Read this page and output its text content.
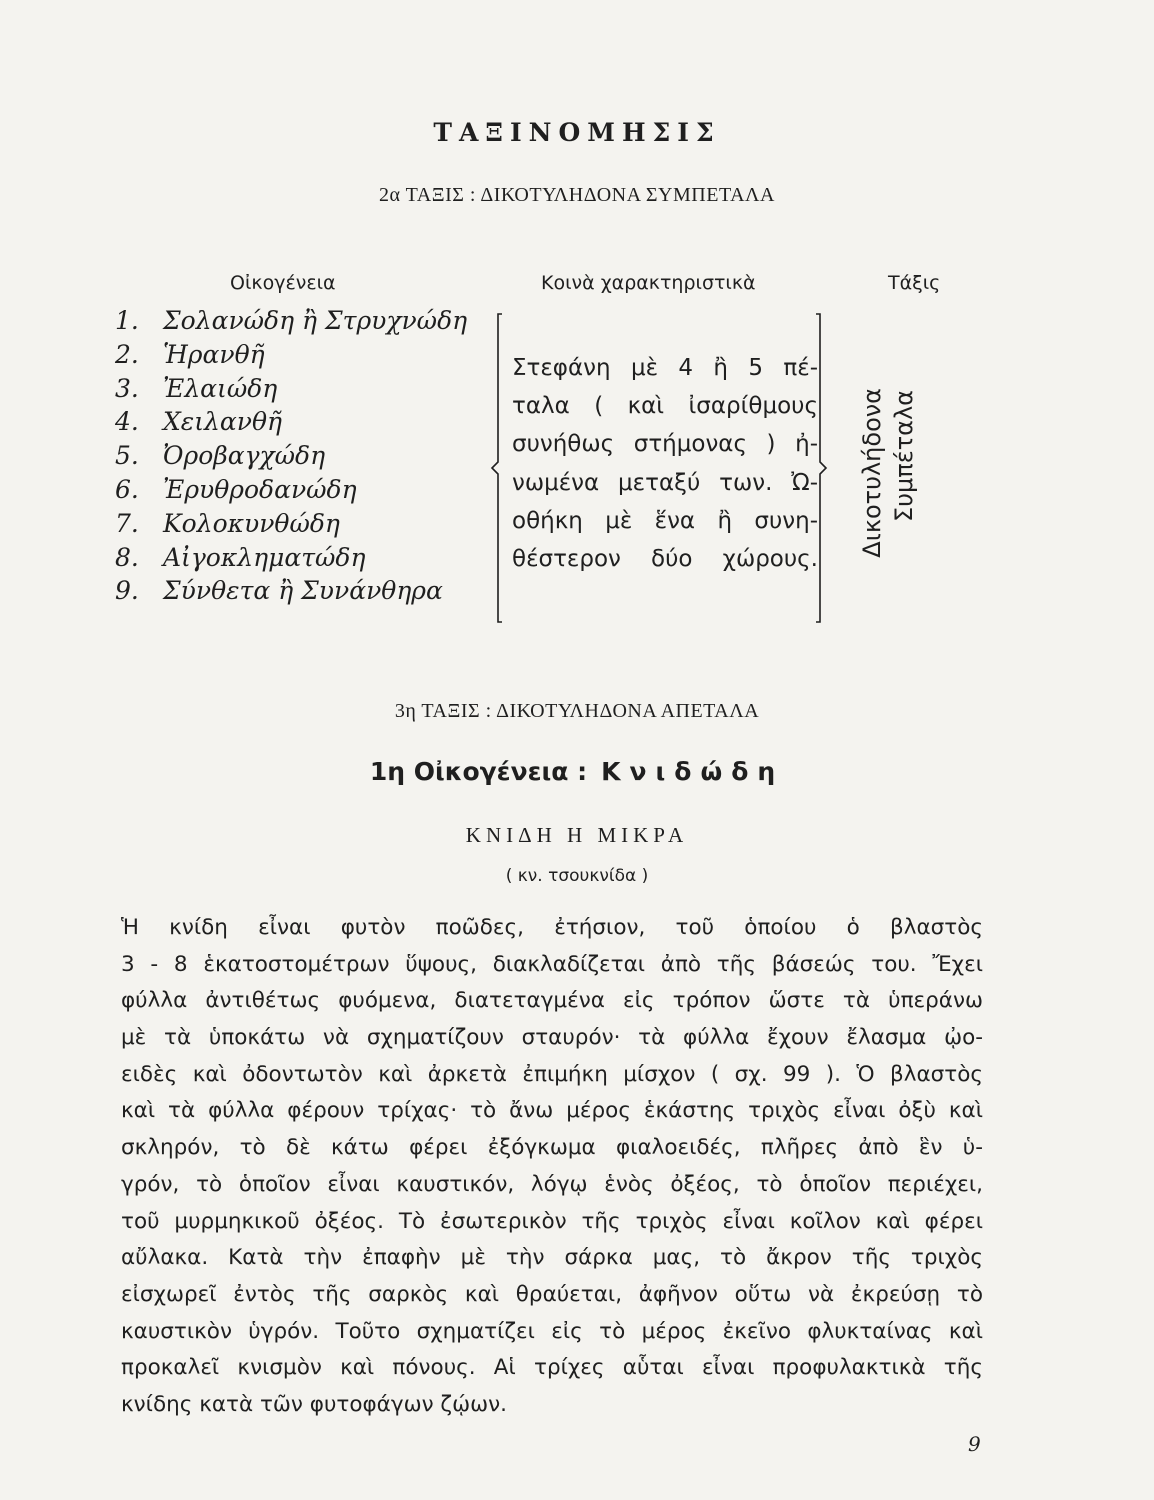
ΤΑΞΙΝΟΜΗΣΙΣ
2α ΤΑΞΙΣ : ΔΙΚΟΤΥΛΗΔΟΝΑ ΣΥΜΠΕΤΑΛΑ
Οἰκογένεια	Κοινὰ χαρακτηριστικὰ	Τάξις
1. Σολανώδη ἢ Στρυχνώδη
2. Ἡρανθῆ
3. Ἐλαιώδη
4. Χειλανθῆ
5. Ὀροβαγχώδη
6. Ἐρυθροδανώδη
7. Κολοκυνθώδη
8. Αἰγοκληματώδη
9. Σύνθετα ἢ Συνάνθηρα
Στεφάνη μὲ 4 ἢ 5 πέ-
ταλα ( καὶ ἰσαρίθμους
συνήθως στήμονας ) ἠ-
νωμένα μεταξύ των. Ὠ-
οθήκη μὲ ἕνα ἢ συνη-
θέστερον δύο χώρους.
Δικοτυλήδονα Συμπέταλα
3η ΤΑΞΙΣ : ΔΙΚΟΤΥΛΗΔΟΝΑ ΑΠΕΤΑΛΑ
1η Οἰκογένεια : Κνιδώδη
ΚΝΙΔΗ Η ΜΙΚΡΑ
( κν. τσουκνίδα )
Ἡ κνίδη εἶναι φυτὸν ποῶδες, ἐτήσιον, τοῦ ὁποίου ὁ βλαστὸς
3 - 8 ἑκατοστομέτρων ὕψους, διακλαδίζεται ἀπὸ τῆς βάσεώς του. Ἔχει
φύλλα ἀντιθέτως φυόμενα, διατεταγμένα εἰς τρόπον ὥστε τὰ ὑπεράνω
μὲ τὰ ὑποκάτω νὰ σχηματίζουν σταυρόν· τὰ φύλλα ἔχουν ἔλασμα ᾠο-
ειδὲς καὶ ὀδοντωτὸν καὶ ἀρκετὰ ἐπιμήκη μίσχον ( σχ. 99 ). Ὁ βλαστὸς
καὶ τὰ φύλλα φέρουν τρίχας· τὸ ἄνω μέρος ἑκάστης τριχὸς εἶναι ὀξὺ καὶ
σκληρόν, τὸ δὲ κάτω φέρει ἐξόγκωμα φιαλοειδές, πλῆρες ἀπὸ ἓν ὑ-
γρόν, τὸ ὁποῖον εἶναι καυστικόν, λόγῳ ἑνὸς ὀξέος, τὸ ὁποῖον περιέχει,
τοῦ μυρμηκικοῦ ὀξέος. Τὸ ἐσωτερικὸν τῆς τριχὸς εἶναι κοῖλον καὶ φέρει
αὔλακα. Κατὰ τὴν ἐπαφὴν μὲ τὴν σάρκα μας, τὸ ἄκρον τῆς τριχὸς
εἰσχωρεῖ ἐντὸς τῆς σαρκὸς καὶ θραύεται, ἀφῆνον οὕτω νὰ ἐκρεύσῃ τὸ
καυστικὸν ὑγρόν. Τοῦτο σχηματίζει εἰς τὸ μέρος ἐκεῖνο φλυκταίνας καὶ
προκαλεῖ κνισμὸν καὶ πόνους. Αἱ τρίχες αὗται εἶναι προφυλακτικὰ τῆς
κνίδης κατὰ τῶν φυτοφάγων ζῴων.
9
